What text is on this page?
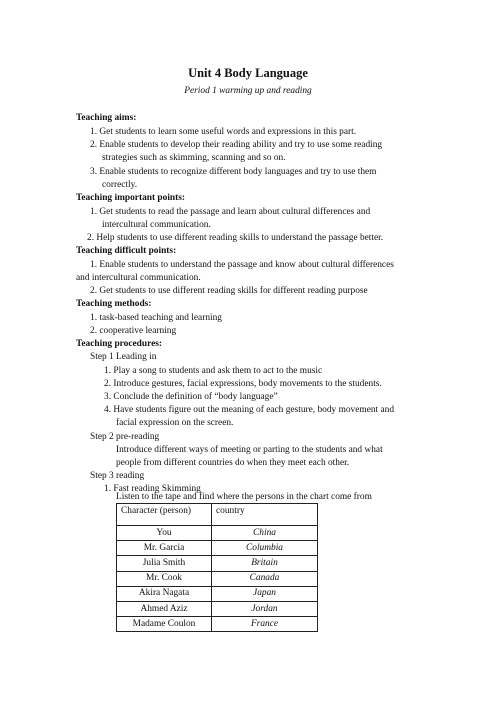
Unit 4 Body Language
Period 1 warming up and reading
Teaching aims:
1. Get students to learn some useful words and expressions in this part.
2. Enable students to develop their reading ability and try to use some reading
strategies such as skimming, scanning and so on.
3. Enable students to recognize different body languages and try to use them
correctly.
Teaching important points:
1. Get students to read the passage and learn about cultural differences and
intercultural communication.
2. Help students to use different reading skills to understand the passage better.
Teaching difficult points:
1. Enable students to understand the passage and know about cultural differences
and intercultural communication.
2. Get students to use different reading skills for different reading purpose
Teaching methods:
1. task-based teaching and learning
2. cooperative learning
Teaching procedures:
Step 1 Leading in
1. Play a song to students and ask them to act to the music
2. Introduce gestures, facial expressions, body movements to the students.
3. Conclude the definition of “body language”
4. Have students figure out the meaning of each gesture, body movement and
facial expression on the screen.
Step 2 pre-reading
Introduce different ways of meeting or parting to the students and what
people from different countries do when they meet each other.
Step 3 reading
1. Fast reading Skimming
Listen to the tape and find where the persons in the chart come from
Character (person)	country
You	China
Mr. Garcia	Columbia
Julia Smith	Britain
Mr. Cook	Canada
Akira Nagata	Japan
Ahmed Aziz	Jordan
Madame Coulon	France
